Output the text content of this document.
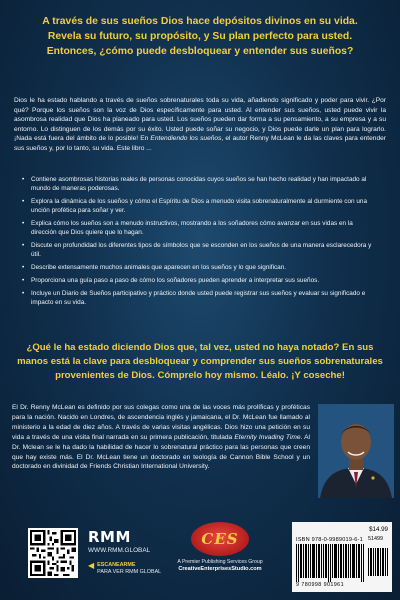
A través de sus sueños Dios hace depósitos divinos en su vida.

Revela su futuro, su propósito, y Su plan perfecto para usted.

Entonces, ¿cómo puede desbloquear y entender sus sueños?

Dios le ha estado hablando a través de sueños sobrenaturales toda su vida, añadiendo significado y poder para vivir. ¿Por qué? Porque los sueños son la voz de Dios específicamente para usted. Al entender sus sueños, usted puede vivir la asombrosa realidad que Dios ha planeado para usted. Los sueños pueden dar forma a su pensamiento, a su empresa y a su entorno. Lo distinguen de los demás por su éxito. Usted puede soñar su negocio, y Dios puede darle un plan para lograrlo. ¡Nada está fuera del ámbito de lo posible! En Entendiendo los sueños, el autor Renny McLean le da las claves para entender sus sueños y, por lo tanto, su vida. Este libro ...

• Contiene asombrosas historias reales de personas conocidas cuyos sueños se han hecho realidad y han impactado al mundo de maneras poderosas.
• Explora la dinámica de los sueños y cómo el Espíritu de Dios a menudo visita sobrenaturalmente al durmiente con una unción profética para soñar y ver.
• Explica cómo los sueños son a menudo instructivos, mostrando a los soñadores cómo avanzar en sus vidas en la dirección que Dios quiere que lo hagan.
• Discute en profundidad los diferentes tipos de símbolos que se esconden en los sueños de una manera esclarecedora y útil.
• Describe extensamente muchos animales que aparecen en los sueños y lo que significan.
• Proporciona una guía paso a paso de cómo los soñadores pueden aprender a interpretar sus sueños.
• Incluye un Diario de Sueños participativo y práctico donde usted puede registrar sus sueños y evaluar su significado e impacto en su vida.

¿Qué le ha estado diciendo Dios que, tal vez, usted no haya notado? En sus manos está la clave para desbloquear y comprender sus sueños sobrenaturales provenientes de Dios. Cómprelo hoy mismo. Léalo. ¡Y coseche!

El Dr. Renny McLean es definido por sus colegas como una de las voces más prolíficas y proféticas para la nación. Nacido en Londres, de ascendencia inglés y jamaicana, el Dr. McLean fue llamado al ministerio a la edad de diez años. A través de varias visitas angélicas. Dios hizo una petición en su vida a través de una visita final narrada en su primera publicación, titulada Eternity Invading Time. Al Dr. Mclean se le ha dado la habilidad de hacer lo sobrenatural práctico para las personas que creen que hay existe más. El Dr. McLean tiene un doctorado en teología de Cannon Bible School y un doctorado en divinidad de Friends Christian International University.

RMM
WWW.RMM.GLOBAL
◀ ESCANEARME
PARA VER RMM GLOBAL
CES
A Premier Publishing Services Group
CreativeEnterprisesStudio.com
$14.99
ISBN 978-0-9989019-6-1 51499
9 780998 901961
